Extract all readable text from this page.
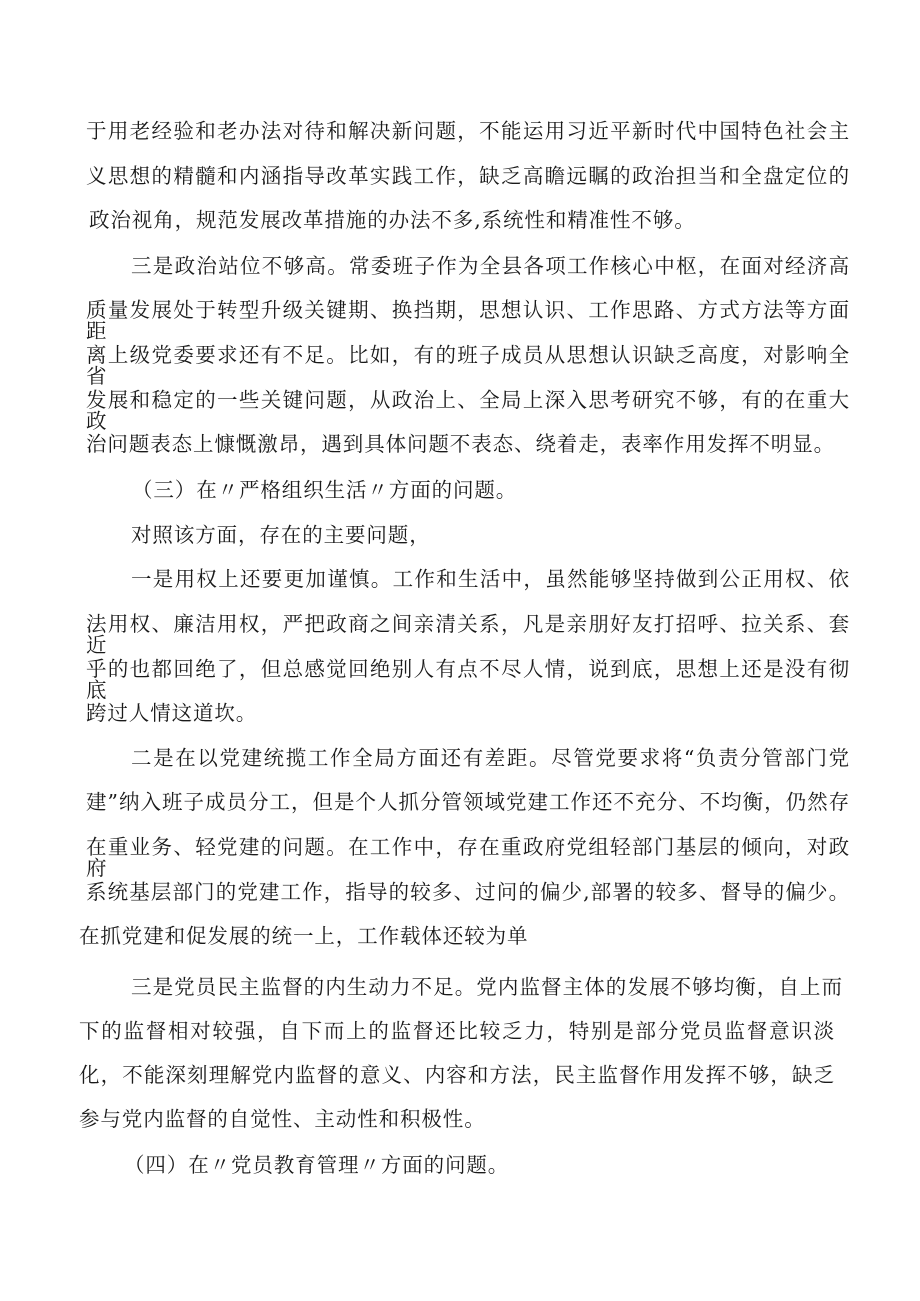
于用老经验和老办法对待和解决新问题，不能运用习近平新时代中国特色社会主

义思想的精髓和内涵指导改革实践工作，缺乏高瞻远瞩的政治担当和全盘定位的

政治视角，规范发展改革措施的办法不多,系统性和精准性不够。

三是政治站位不够高。常委班子作为全县各项工作核心中枢，在面对经济高

质量发展处于转型升级关键期、换挡期，思想认识、工作思路、方式方法等方面距

离上级党委要求还有不足。比如，有的班子成员从思想认识缺乏高度，对影响全省

发展和稳定的一些关键问题，从政治上、全局上深入思考研究不够，有的在重大政

治问题表态上慷慨激昂，遇到具体问题不表态、绕着走，表率作用发挥不明显。

（三）在〃严格组织生活〃方面的问题。

对照该方面，存在的主要问题，

一是用权上还要更加谨慎。工作和生活中，虽然能够坚持做到公正用权、依

法用权、廉洁用权，严把政商之间亲清关系，凡是亲朋好友打招呼、拉关系、套近

乎的也都回绝了，但总感觉回绝别人有点不尽人情，说到底，思想上还是没有彻底

跨过人情这道坎。

二是在以党建统揽工作全局方面还有差距。尽管党要求将“负责分管部门党

建”纳入班子成员分工，但是个人抓分管领域党建工作还不充分、不均衡，仍然存

在重业务、轻党建的问题。在工作中，存在重政府党组轻部门基层的倾向，对政府

系统基层部门的党建工作，指导的较多、过问的偏少,部署的较多、督导的偏少。

在抓党建和促发展的统一上，工作载体还较为单

三是党员民主监督的内生动力不足。党内监督主体的发展不够均衡，自上而

下的监督相对较强，自下而上的监督还比较乏力，特别是部分党员监督意识淡

化，不能深刻理解党内监督的意义、内容和方法，民主监督作用发挥不够，缺乏

参与党内监督的自觉性、主动性和积极性。

（四）在〃党员教育管理〃方面的问题。
